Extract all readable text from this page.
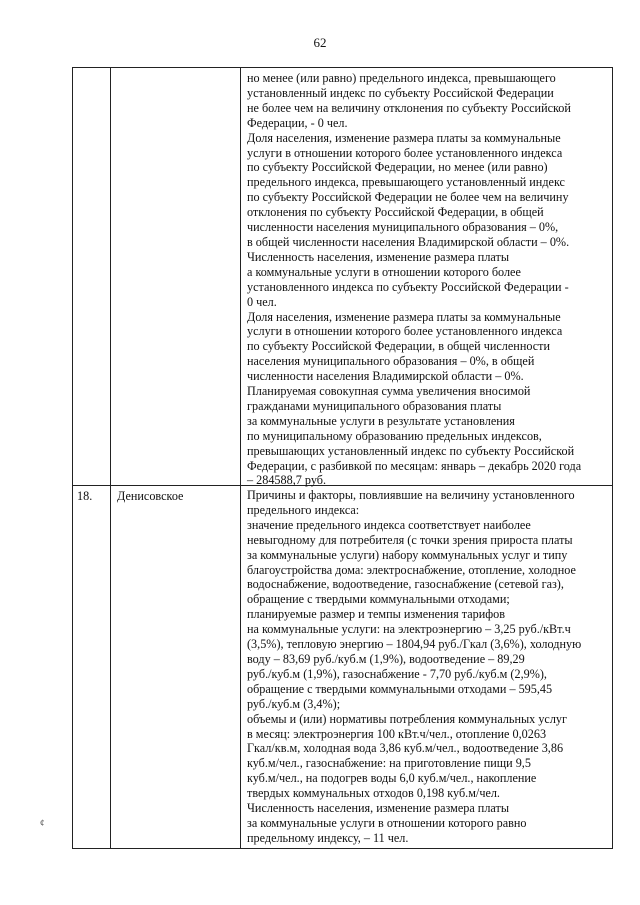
62
но менее (или равно) предельного индекса, превышающего
установленный индекс по субъекту Российской Федерации
не более чем на величину отклонения по субъекту Российской
Федерации, - 0 чел.
Доля населения, изменение размера платы за коммунальные
услуги в отношении которого более установленного индекса
по субъекту Российской Федерации, но менее (или равно)
предельного индекса, превышающего установленный индекс
по субъекту Российской Федерации не более чем на величину
отклонения по субъекту Российской Федерации, в общей
численности населения муниципального образования – 0%,
в общей численности населения Владимирской области – 0%.
Численность населения, изменение размера платы
а коммунальные услуги в отношении которого более
установленного индекса по субъекту Российской Федерации -
0 чел.
Доля населения, изменение размера платы за коммунальные
услуги в отношении которого более установленного индекса
по субъекту Российской Федерации, в общей численности
населения муниципального образования – 0%, в общей
численности населения Владимирской области – 0%.
Планируемая совокупная сумма увеличения вносимой
гражданами муниципального образования платы
за коммунальные услуги в результате установления
по муниципальному образованию предельных индексов,
превышающих установленный индекс по субъекту Российской
Федерации, с разбивкой по месяцам: январь – декабрь 2020 года
– 284588,7 руб.
18.	Денисовское	Причины и факторы, повлиявшие на величину установленного
предельного индекса:
значение предельного индекса соответствует наиболее
невыгодному для потребителя (с точки зрения прироста платы
за коммунальные услуги) набору коммунальных услуг и типу
благоустройства дома: электроснабжение, отопление, холодное
водоснабжение, водоотведение, газоснабжение (сетевой газ),
обращение с твердыми коммунальными отходами;
планируемые размер и темпы изменения тарифов
на коммунальные услуги: на электроэнергию – 3,25 руб./кВт.ч
(3,5%), тепловую энергию – 1804,94 руб./Гкал (3,6%), холодную
воду – 83,69 руб./куб.м (1,9%), водоотведение – 89,29
руб./куб.м (1,9%), газоснабжение - 7,70 руб./куб.м (2,9%),
обращение с твердыми коммунальными отходами – 595,45
руб./куб.м (3,4%);
объемы и (или) нормативы потребления коммунальных услуг
в месяц: электроэнергия 100 кВт.ч/чел., отопление 0,0263
Гкал/кв.м, холодная вода 3,86 куб.м/чел., водоотведение 3,86
куб.м/чел., газоснабжение: на приготовление пищи 9,5
куб.м/чел., на подогрев воды 6,0 куб.м/чел., накопление
твердых коммунальных отходов 0,198 куб.м/чел.
Численность населения, изменение размера платы
за коммунальные услуги в отношении которого равно
предельному индексу, – 11 чел.
¢
